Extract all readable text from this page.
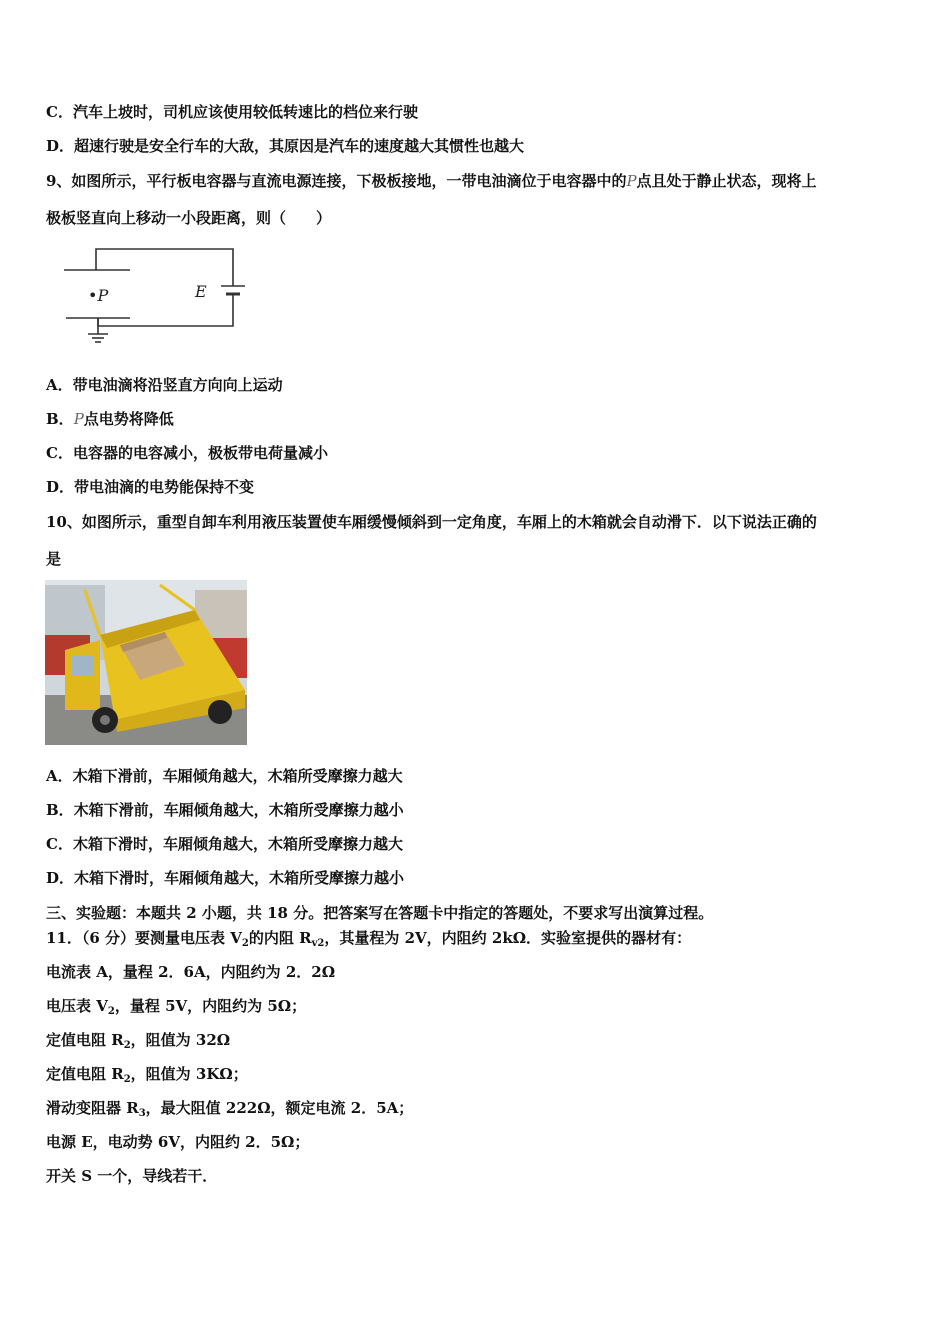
C．汽车上坡时，司机应该使用较低转速比的档位来行驶
D．超速行驶是安全行车的大敌，其原因是汽车的速度越大其惯性也越大
9、如图所示，平行板电容器与直流电源连接，下极板接地，一带电油滴位于电容器中的P点且处于静止状态，现将上
极板竖直向上移动一小段距离，则（　　）
•P	E
A．带电油滴将沿竖直方向向上运动
B．P点电势将降低
C．电容器的电容减小，极板带电荷量减小
D．带电油滴的电势能保持不变
10、如图所示，重型自卸车利用液压装置使车厢缓慢倾斜到一定角度，车厢上的木箱就会自动滑下．以下说法正确的
是
A．木箱下滑前，车厢倾角越大，木箱所受摩擦力越大
B．木箱下滑前，车厢倾角越大，木箱所受摩擦力越小
C．木箱下滑时，车厢倾角越大，木箱所受摩擦力越大
D．木箱下滑时，车厢倾角越大，木箱所受摩擦力越小
三、实验题：本题共 2 小题，共 18 分。把答案写在答题卡中指定的答题处，不要求写出演算过程。
11．（6 分）要测量电压表 $V_2$的内阻 $R_{v2}$，其量程为 2V，内阻约 2kΩ．实验室提供的器材有：
电流表 A，量程 2．6A，内阻约为 2．2Ω
电压表 $V_2$，量程 5V，内阻约为 5Ω；
定值电阻 $R_2$，阻值为 32Ω
定值电阻 $R_2$，阻值为 3KΩ；
滑动变阻器 $R_3$，最大阻值 222Ω，额定电流 2．5A；
电源 E，电动势 6V，内阻约 2．5Ω；
开关 S 一个，导线若干．
